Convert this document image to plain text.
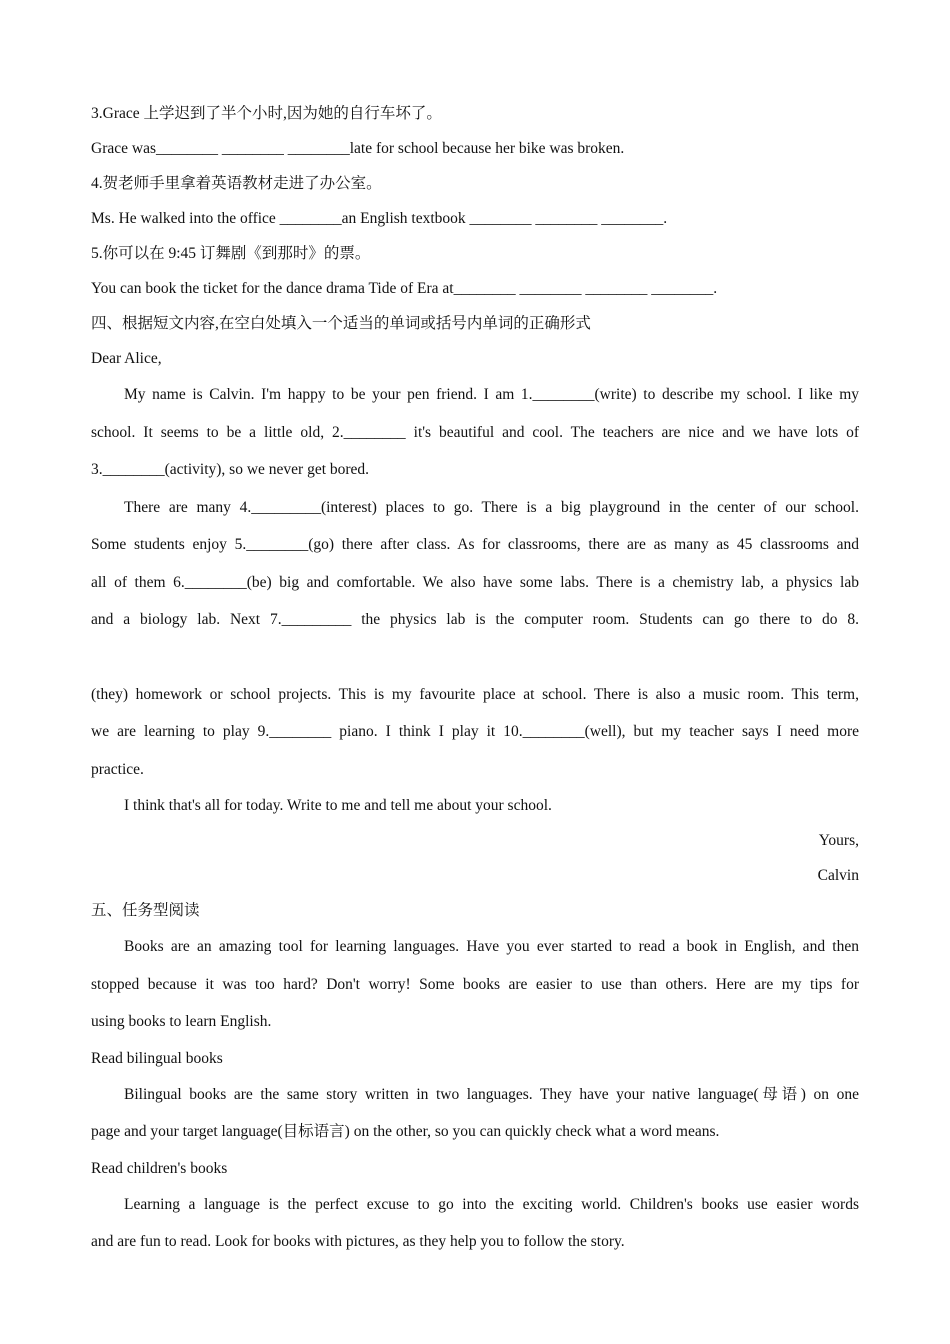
3.Grace 上学迟到了半个小时,因为她的自行车坏了。
Grace was________ ________ ________late for school because her bike was broken.
4.贺老师手里拿着英语教材走进了办公室。
Ms. He walked into the office ________an English textbook ________ ________ ________.
5.你可以在 9:45 订舞剧《到那时》的票。
You can book the ticket for the dance drama Tide of Era at________ ________ ________ ________.
四、根据短文内容,在空白处填入一个适当的单词或括号内单词的正确形式
Dear Alice,
My name is Calvin. I'm happy to be your pen friend. I am 1.________(write) to describe my school. I like my
school. It seems to be a little old, 2.________ it's beautiful and cool. The teachers are nice and we have lots of
3.________(activity), so we never get bored.
There are many 4._________(interest) places to go. There is a big playground in the center of our school.
Some students enjoy 5.________(go) there after class. As for classrooms, there are as many as 45 classrooms and
all of them 6.________(be) big and comfortable. We also have some labs. There is a chemistry lab, a physics lab
and a biology lab. Next 7._________ the physics lab is the computer room. Students can go there to do 8.
(they) homework or school projects. This is my favourite place at school. There is also a music room. This term,
we are learning to play 9.________ piano. I think I play it 10.________(well), but my teacher says I need more
practice.
I think that's all for today. Write to me and tell me about your school.
Yours,
Calvin
五、任务型阅读
Books are an amazing tool for learning languages. Have you ever started to read a book in English, and then
stopped because it was too hard? Don't worry! Some books are easier to use than others. Here are my tips for
using books to learn English.
Read bilingual books
Bilingual books are the same story written in two languages. They have your native language(母语) on one
page and your target language(目标语言) on the other, so you can quickly check what a word means.
Read children's books
Learning a language is the perfect excuse to go into the exciting world. Children's books use easier words
and are fun to read. Look for books with pictures, as they help you to follow the story.
